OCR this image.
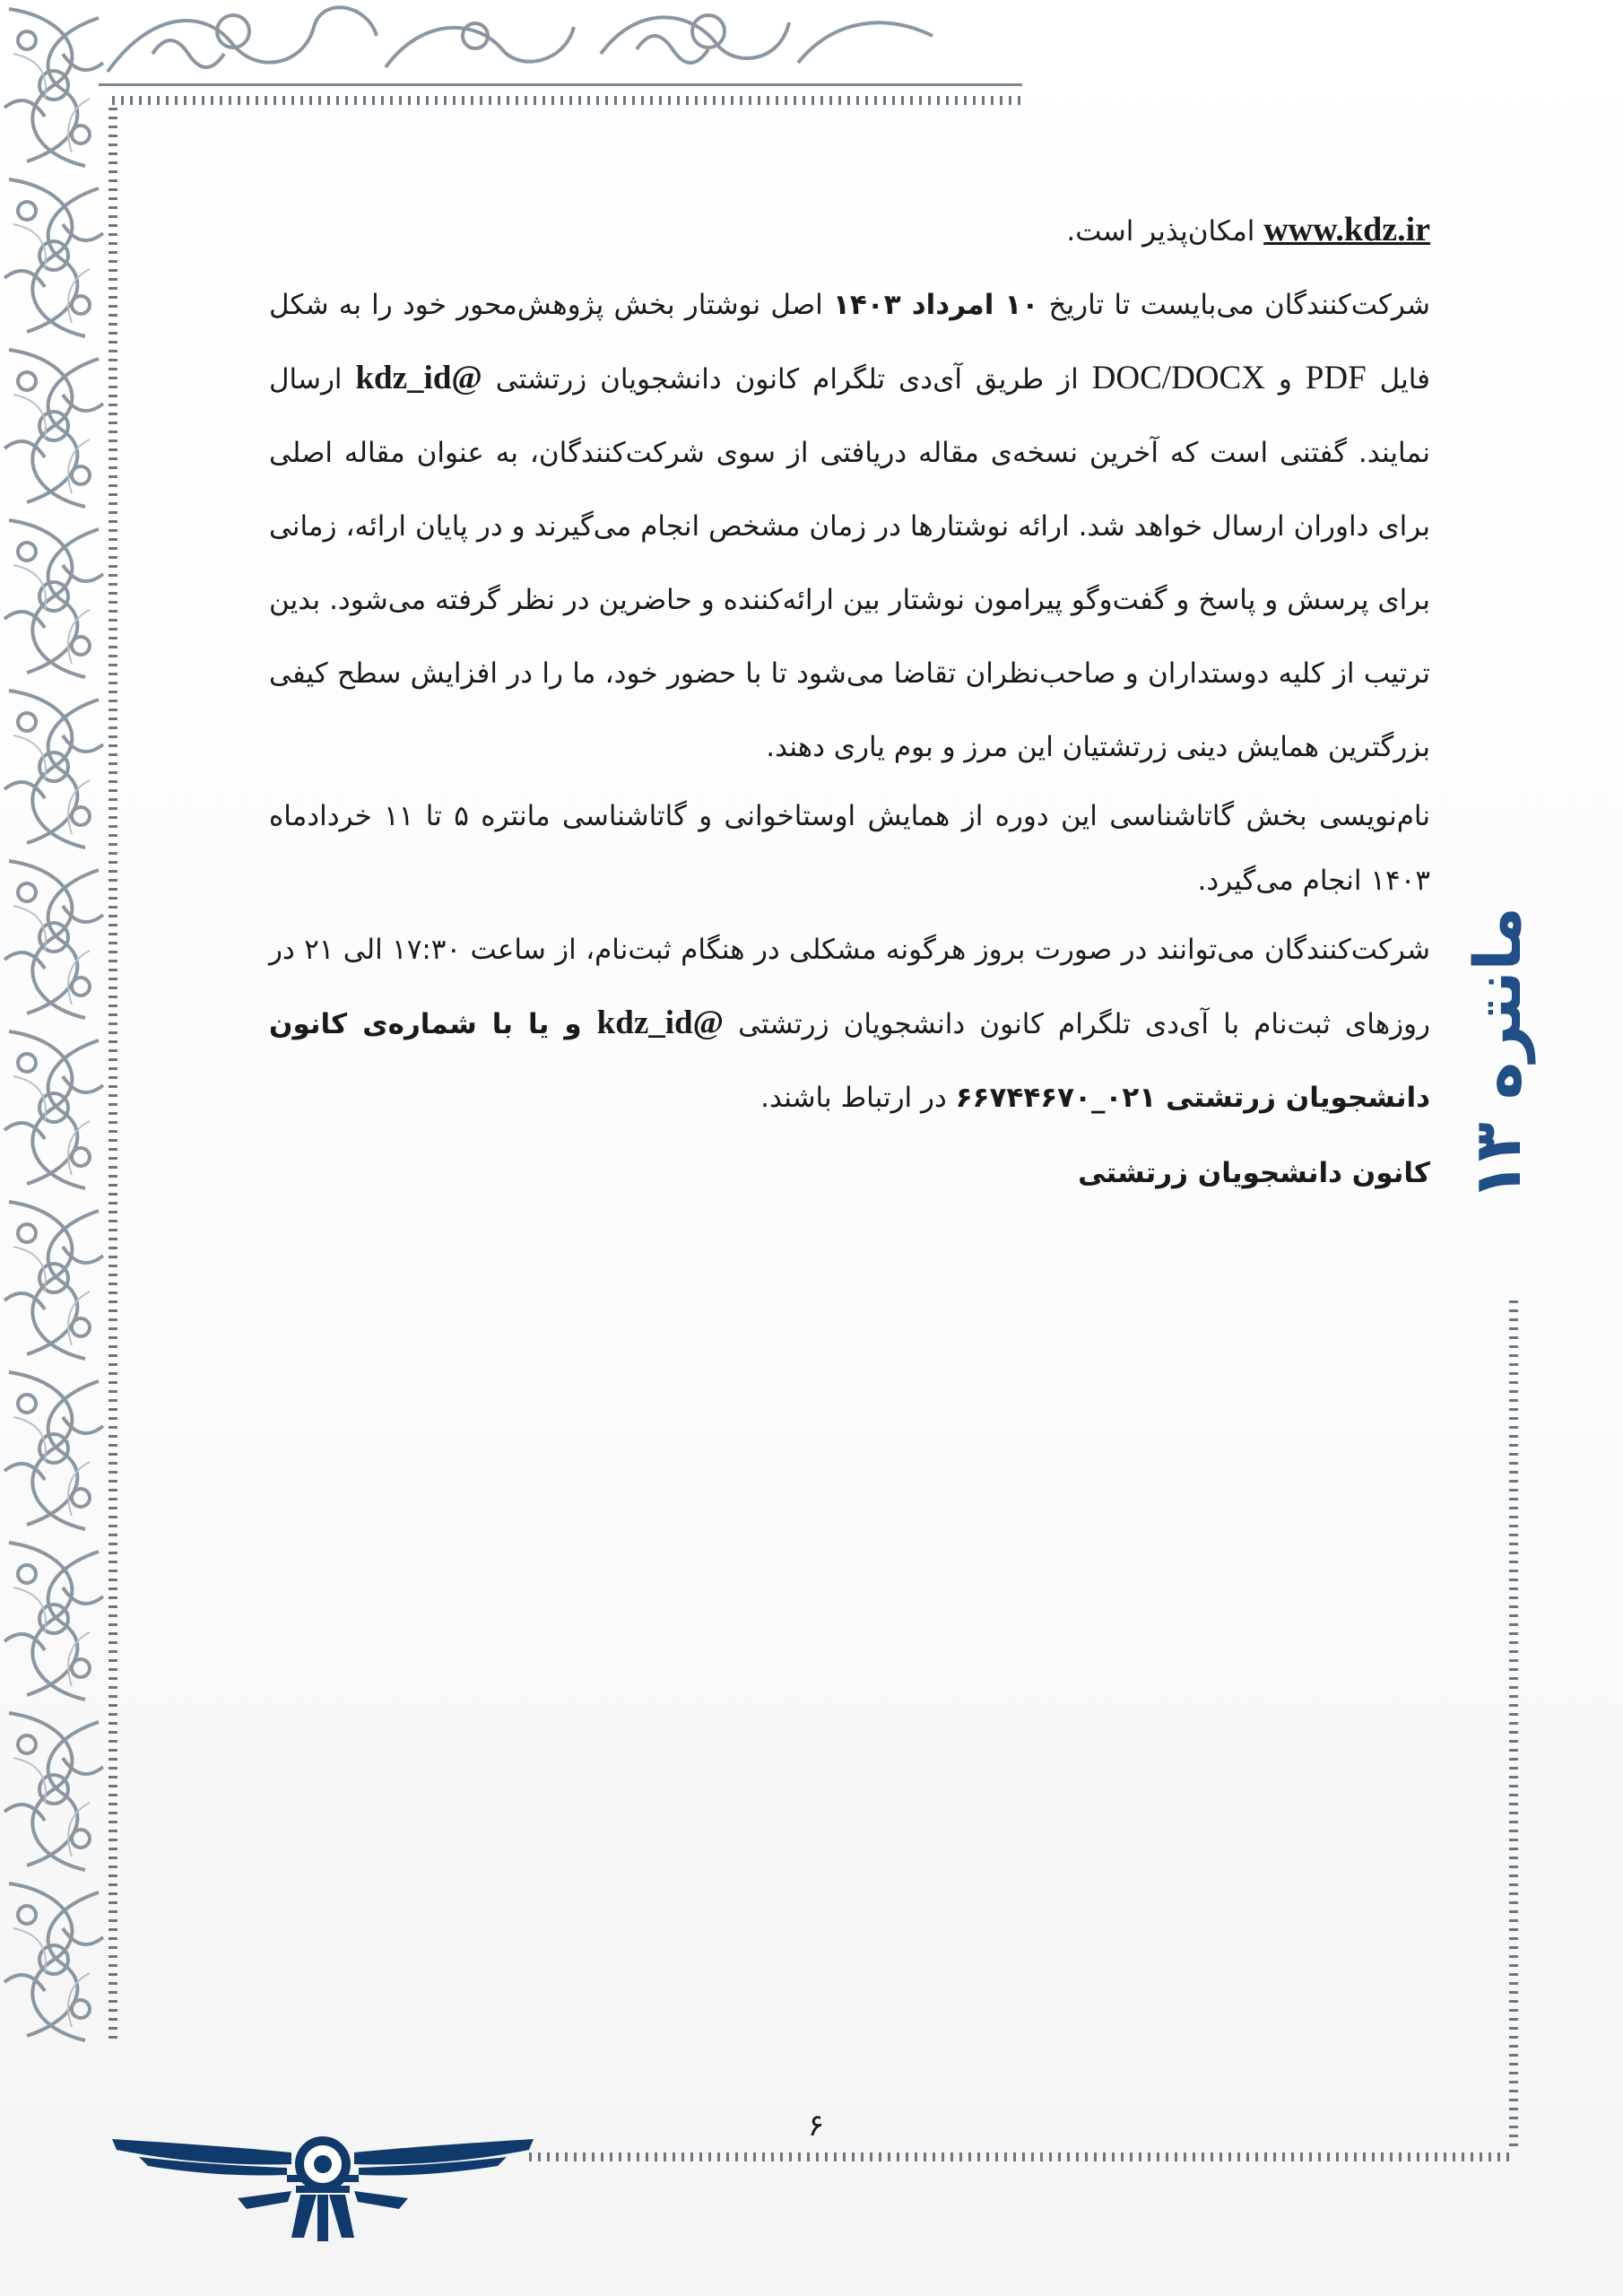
مانتره ۱۳

www.kdz.ir امکان‌پذیر است.

شرکت‌کنندگان می‌بایست تا تاریخ ۱۰ امرداد ۱۴۰۳ اصل نوشتار بخش پژوهش‌محور خود را به شکل فایل PDF و DOC/DOCX از طریق آی‌دی تلگرام کانون دانشجویان زرتشتی @kdz_id ارسال نمایند. گفتنی است که آخرین نسخه‌ی مقاله دریافتی از سوی شرکت‌کنندگان، به عنوان مقاله اصلی برای داوران ارسال خواهد شد. ارائه نوشتارها در زمان مشخص انجام می‌گیرند و در پایان ارائه، زمانی برای پرسش و پاسخ و گفت‌وگو پیرامون نوشتار بین ارائه‌کننده و حاضرین در نظر گرفته می‌شود. بدین ترتیب از کلیه دوستداران و صاحب‌نظران تقاضا می‌شود تا با حضور خود، ما را در افزایش سطح کیفی بزرگترین همایش دینی زرتشتیان این مرز و بوم یاری دهند.

نام‌نویسی بخش گاتاشناسی این دوره از همایش اوستاخوانی و گاتاشناسی مانتره ۵ تا ۱۱ خردادماه ۱۴۰۳ انجام می‌گیرد.

شرکت‌کنندگان می‌توانند در صورت بروز هرگونه مشکلی در هنگام ثبت‌نام، از ساعت ۱۷:۳۰ الی ۲۱ در روزهای ثبت‌نام با آی‌دی تلگرام کانون دانشجویان زرتشتی @kdz_id و یا با شماره‌ی کانون دانشجویان زرتشتی ۰۲۱_۶۶۷۴۴۶۷۰ در ارتباط باشند.

کانون دانشجویان زرتشتی
۶
